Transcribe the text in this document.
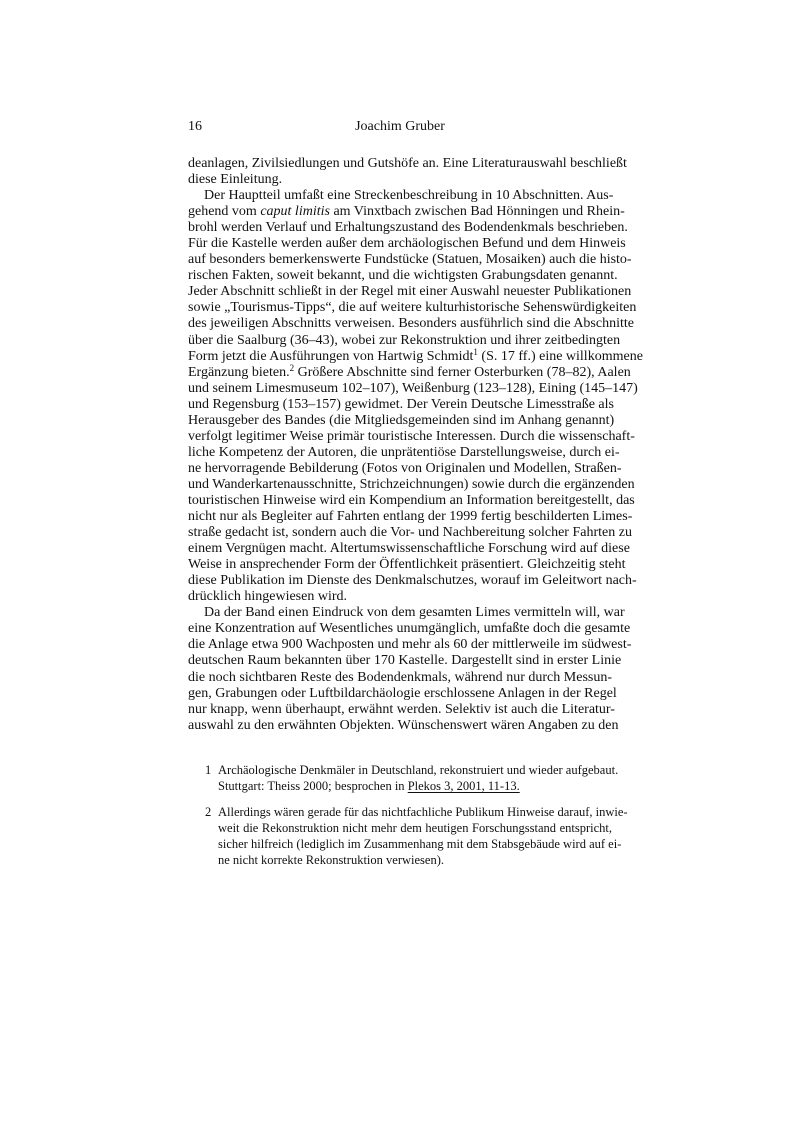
16	Joachim Gruber
deanlagen, Zivilsiedlungen und Gutshöfe an. Eine Literaturauswahl beschließt
diese Einleitung.
Der Hauptteil umfaßt eine Streckenbeschreibung in 10 Abschnitten. Aus-
gehend vom caput limitis am Vinxtbach zwischen Bad Hönningen und Rhein-
brohl werden Verlauf und Erhaltungszustand des Bodendenkmals beschrieben.
Für die Kastelle werden außer dem archäologischen Befund und dem Hinweis
auf besonders bemerkenswerte Fundstücke (Statuen, Mosaiken) auch die histo-
rischen Fakten, soweit bekannt, und die wichtigsten Grabungsdaten genannt.
Jeder Abschnitt schließt in der Regel mit einer Auswahl neuester Publikationen
sowie „Tourismus-Tipps“, die auf weitere kulturhistorische Sehenswürdigkeiten
des jeweiligen Abschnitts verweisen. Besonders ausführlich sind die Abschnitte
über die Saalburg (36–43), wobei zur Rekonstruktion und ihrer zeitbedingten
Form jetzt die Ausführungen von Hartwig Schmidt$^1$ (S. 17 ff.) eine willkommene
Ergänzung bieten.$^2$ Größere Abschnitte sind ferner Osterburken (78–82), Aalen
und seinem Limesmuseum 102–107), Weißenburg (123–128), Eining (145–147)
und Regensburg (153–157) gewidmet. Der Verein Deutsche Limesstraße als
Herausgeber des Bandes (die Mitgliedsgemeinden sind im Anhang genannt)
verfolgt legitimer Weise primär touristische Interessen. Durch die wissenschaft-
liche Kompetenz der Autoren, die unprätentiöse Darstellungsweise, durch ei-
ne hervorragende Bebilderung (Fotos von Originalen und Modellen, Straßen-
und Wanderkartenausschnitte, Strichzeichnungen) sowie durch die ergänzenden
touristischen Hinweise wird ein Kompendium an Information bereitgestellt, das
nicht nur als Begleiter auf Fahrten entlang der 1999 fertig beschilderten Limes-
straße gedacht ist, sondern auch die Vor- und Nachbereitung solcher Fahrten zu
einem Vergnügen macht. Altertumswissenschaftliche Forschung wird auf diese
Weise in ansprechender Form der Öffentlichkeit präsentiert. Gleichzeitig steht
diese Publikation im Dienste des Denkmalschutzes, worauf im Geleitwort nach-
drücklich hingewiesen wird.
Da der Band einen Eindruck von dem gesamten Limes vermitteln will, war
eine Konzentration auf Wesentliches unumgänglich, umfaßte doch die gesamte
die Anlage etwa 900 Wachposten und mehr als 60 der mittlerweile im südwest-
deutschen Raum bekannten über 170 Kastelle. Dargestellt sind in erster Linie
die noch sichtbaren Reste des Bodendenkmals, während nur durch Messun-
gen, Grabungen oder Luftbildarchäologie erschlossene Anlagen in der Regel
nur knapp, wenn überhaupt, erwähnt werden. Selektiv ist auch die Literatur-
auswahl zu den erwähnten Objekten. Wünschenswert wären Angaben zu den
1 Archäologische Denkmäler in Deutschland, rekonstruiert und wieder aufgebaut.
Stuttgart: Theiss 2000; besprochen in Plekos 3, 2001, 11-13.
2 Allerdings wären gerade für das nichtfachliche Publikum Hinweise darauf, inwie-
weit die Rekonstruktion nicht mehr dem heutigen Forschungsstand entspricht,
sicher hilfreich (lediglich im Zusammenhang mit dem Stabsgebäude wird auf ei-
ne nicht korrekte Rekonstruktion verwiesen).
